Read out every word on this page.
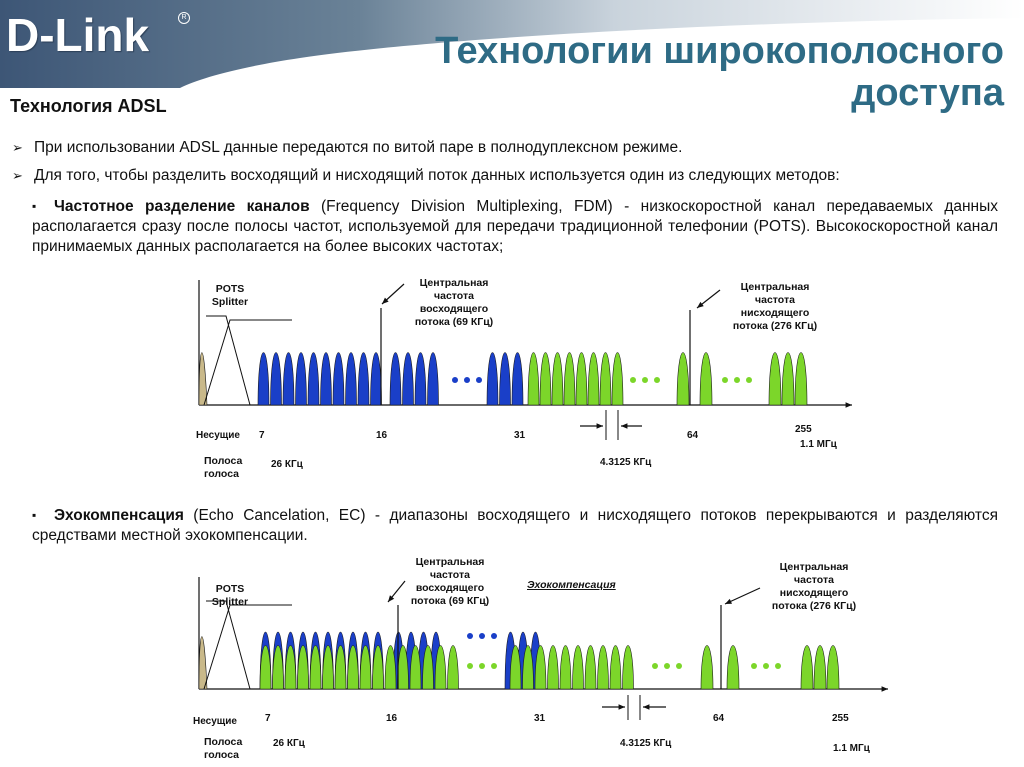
D-Link	R
Технологии широкополосного доступа
Технология ADSL
➢ При использовании ADSL данные передаются по витой паре в полнодуплексном режиме.
➢ Для того, чтобы разделить восходящий и нисходящий поток данных используется один из следующих методов:
▪ Частотное разделение каналов (Frequency Division Multiplexing, FDM) - низкоскоростной канал передаваемых данных располагается сразу после полосы частот, используемой для передачи традиционной телефонии (POTS). Высокоскоростной канал принимаемых данных располагается на более высоких частотах;
▪ Эхокомпенсация (Echo Cancelation, EC) - диапазоны восходящего и нисходящего потоков перекрываются и разделяются средствами местной эхокомпенсации.
POTS
Splitter
Центральная
частота
восходящего
потока (69 КГц)
Центральная
частота
нисходящего
потока (276 КГц)
Несущие 7	16	31	64
255
1.1 МГц
Полоса
голоса
26 КГц	4.3125 КГц
POTS
Splitter
Центральная
частота
восходящего
потока (69 КГц)
Эхокомпенсация
Центральная
частота
нисходящего
потока (276 КГц)
Несущие	7	16	31	64	255
Полоса
голоса
26 КГц	4.3125 КГц	1.1 МГц
